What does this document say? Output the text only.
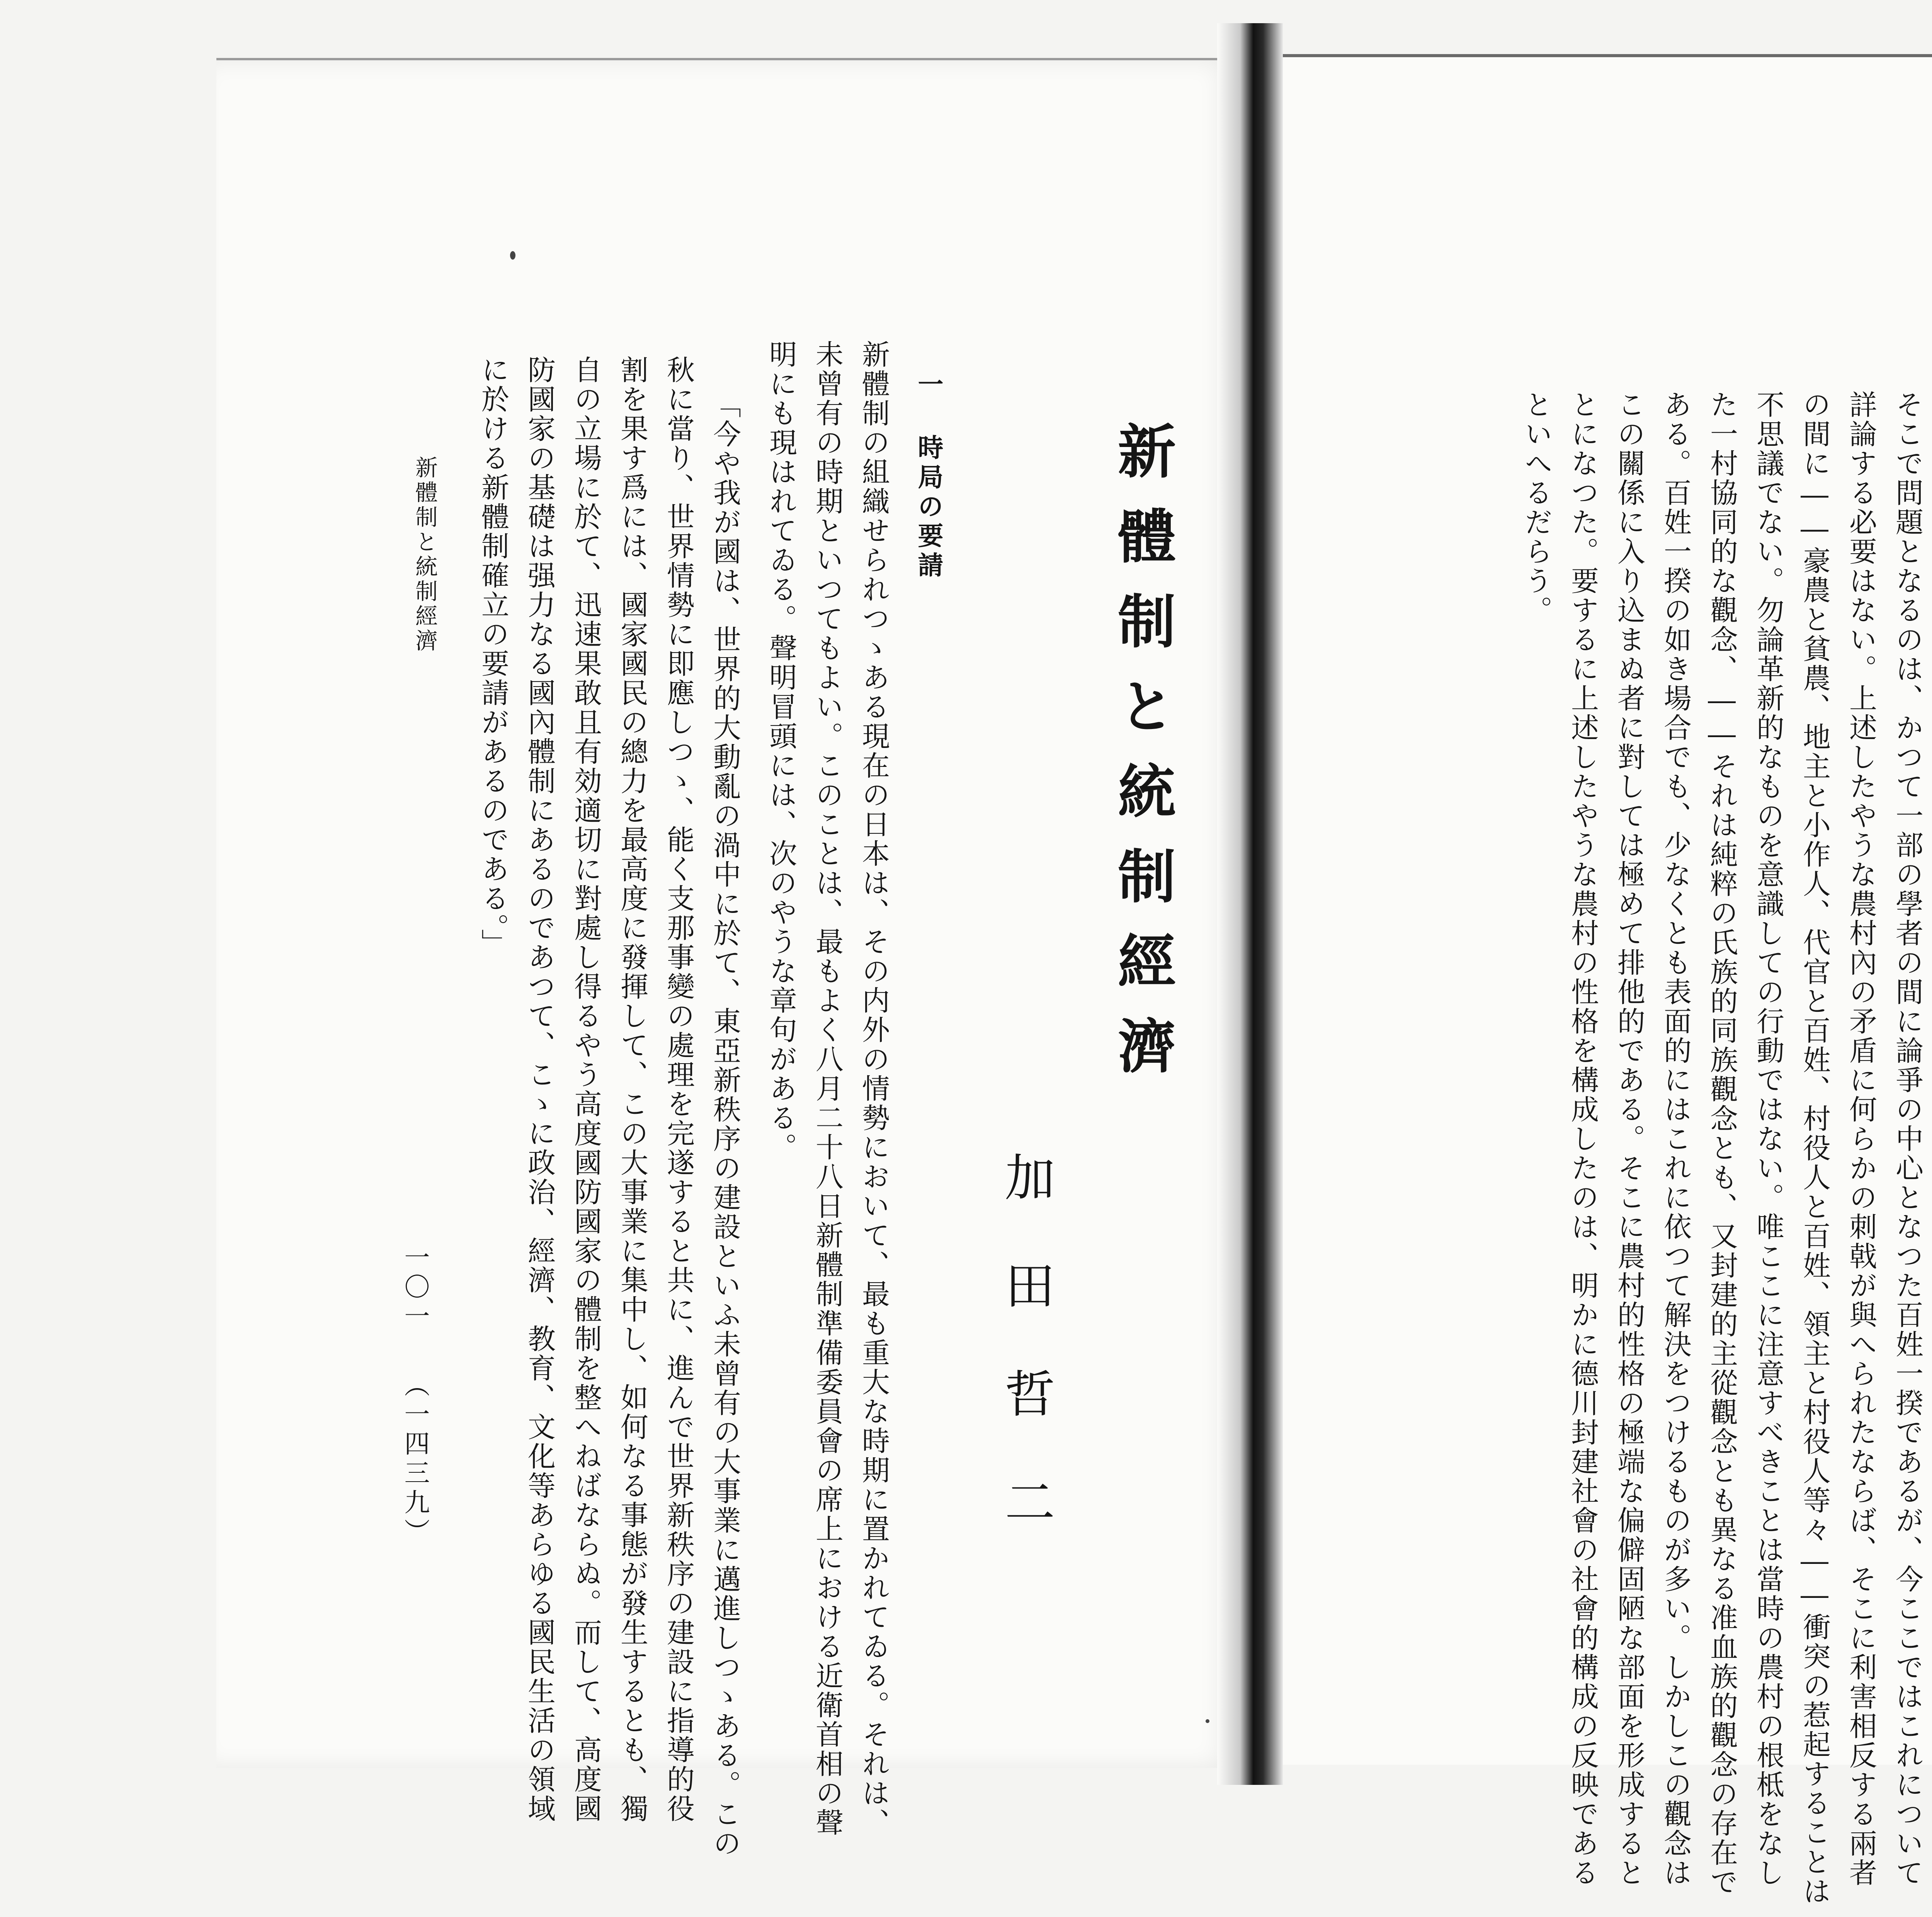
新體制と統制經濟
加田哲二
一 時局の要請
新體制の組織せられつゝある現在の日本は、その内外の情勢において、最も重大な時期に置かれてゐる。それは、
未曾有の時期といつてもよい。このことは、最もよく八月二十八日新體制準備委員會の席上における近衛首相の聲
明にも現はれてゐる。聲明冒頭には、次のやうな章句がある。
「今や我が國は、世界的大動亂の渦中に於て、東亞新秩序の建設といふ未曾有の大事業に邁進しつゝある。この
秋に當り、世界情勢に即應しつゝ、能く支那事變の處理を完遂すると共に、進んで世界新秩序の建設に指導的役
割を果す爲には、國家國民の總力を最高度に發揮して、この大事業に集中し、如何なる事態が發生するとも、獨
自の立場に於て、迅速果敢且有効適切に對處し得るやう高度國防國家の體制を整へねばならぬ。而して、高度國
防國家の基礎は强力なる國內體制にあるのであつて、こゝに政治、經濟、教育、文化等あらゆる國民生活の領域
に於ける新體制確立の要請があるのである。」
新體制と統制經濟
一〇一
（一四三九）	そこで問題となるのは、かつて一部の學者の間に論爭の中心となつた百姓一揆であるが、今ここではこれについて
詳論する必要はない。上述したやうな農村內の矛盾に何らかの刺戟が與へられたならば、そこに利害相反する兩者
の間に――豪農と貧農、地主と小作人、代官と百姓、村役人と百姓、領主と村役人等々――衝突の惹起することは
不思議でない。勿論革新的なものを意識しての行動ではない。唯ここに注意すべきことは當時の農村の根柢をなし
た一村協同的な觀念、――それは純粹の氏族的同族觀念とも、又封建的主從觀念とも異なる准血族的觀念の存在で
ある。百姓一揆の如き場合でも、少なくとも表面的にはこれに依つて解決をつけるものが多い。しかしこの觀念は
この關係に入り込まぬ者に對しては極めて排他的である。そこに農村的性格の極端な偏僻固陋な部面を形成すると
とになつた。要するに上述したやうな農村の性格を構成したのは、明かに德川封建社會の社會的構成の反映である
といへるだらう。
